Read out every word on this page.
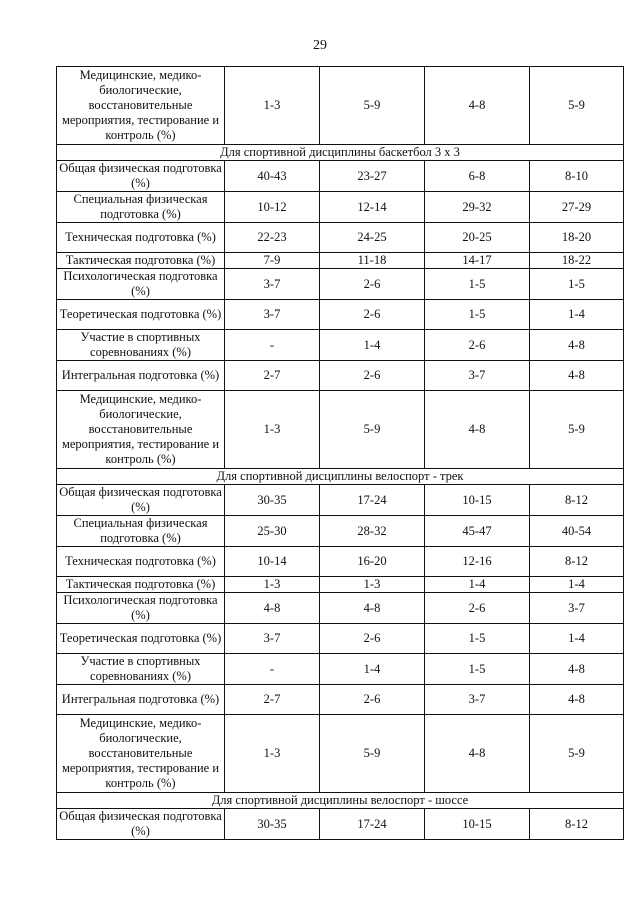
29
Медицинские, медико-биологические, восстановительные мероприятия, тестирование и контроль (%)	1-3	5-9	4-8	5-9
Для спортивной дисциплины баскетбол 3 x 3				
Общая физическая подготовка (%)	40-43	23-27	6-8	8-10
Специальная физическая подготовка (%)	10-12	12-14	29-32	27-29
Техническая подготовка (%)	22-23	24-25	20-25	18-20
Тактическая подготовка (%)	7-9	11-18	14-17	18-22
Психологическая подготовка (%)	3-7	2-6	1-5	1-5
Теоретическая подготовка (%)	3-7	2-6	1-5	1-4
Участие в спортивных соревнованиях (%)	-	1-4	2-6	4-8
Интегральная подготовка (%)	2-7	2-6	3-7	4-8
Медицинские, медико-биологические, восстановительные мероприятия, тестирование и контроль (%)	1-3	5-9	4-8	5-9
Для спортивной дисциплины велоспорт - трек				
Общая физическая подготовка (%)	30-35	17-24	10-15	8-12
Специальная физическая подготовка (%)	25-30	28-32	45-47	40-54
Техническая подготовка (%)	10-14	16-20	12-16	8-12
Тактическая подготовка (%)	1-3	1-3	1-4	1-4
Психологическая подготовка (%)	4-8	4-8	2-6	3-7
Теоретическая подготовка (%)	3-7	2-6	1-5	1-4
Участие в спортивных соревнованиях (%)	-	1-4	1-5	4-8
Интегральная подготовка (%)	2-7	2-6	3-7	4-8
Медицинские, медико-биологические, восстановительные мероприятия, тестирование и контроль (%)	1-3	5-9	4-8	5-9
Для спортивной дисциплины велоспорт - шоссе				
Общая физическая подготовка (%)	30-35	17-24	10-15	8-12
